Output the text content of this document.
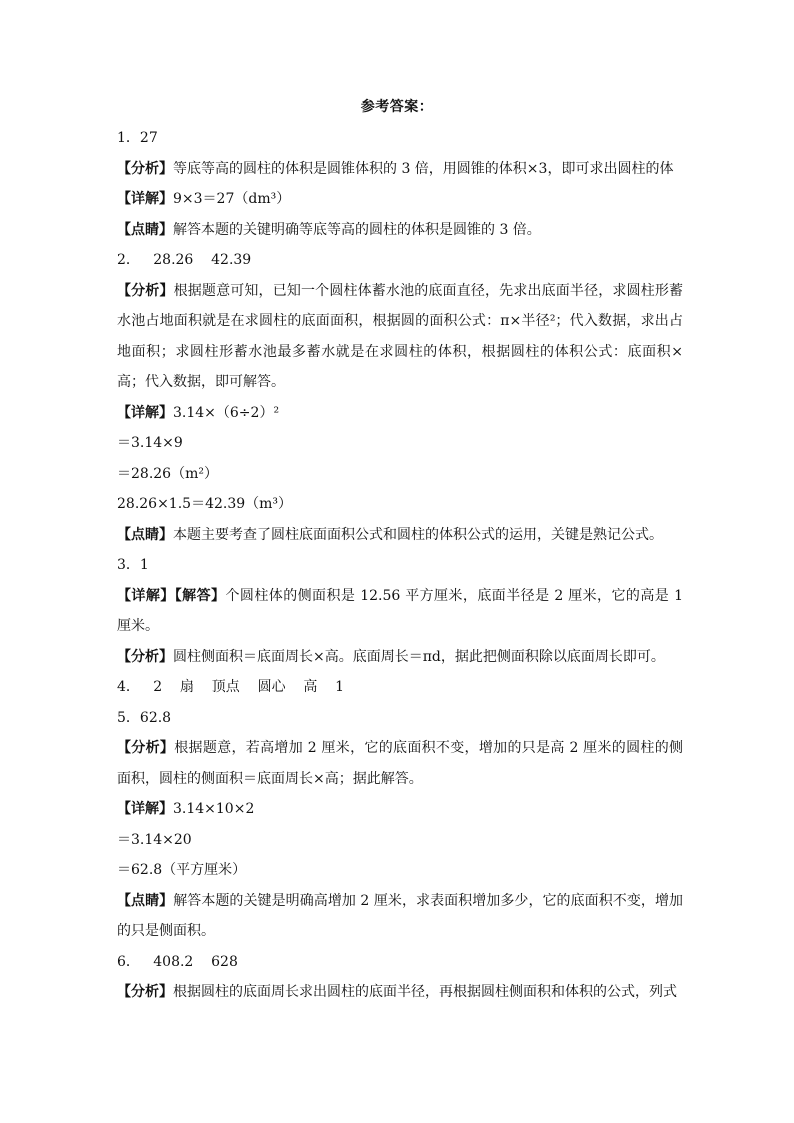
参考答案：
1．27
【分析】等底等高的圆柱的体积是圆锥体积的 3 倍，用圆锥的体积×3，即可求出圆柱的体
【详解】9×3＝27（dm³）
【点睛】解答本题的关键明确等底等高的圆柱的体积是圆锥的 3 倍。
2．   28.26    42.39
【分析】根据题意可知，已知一个圆柱体蓄水池的底面直径，先求出底面半径，求圆柱形蓄水池占地面积就是在求圆柱的底面面积，根据圆的面积公式：π×半径²；代入数据，求出占地面积；求圆柱形蓄水池最多蓄水就是在求圆柱的体积，根据圆柱的体积公式：底面积×高；代入数据，即可解答。
【详解】3.14×（6÷2）²
＝3.14×9
＝28.26（m²）
28.26×1.5＝42.39（m³）
【点睛】本题主要考查了圆柱底面面积公式和圆柱的体积公式的运用，关键是熟记公式。
3．1
【详解】【解答】个圆柱体的侧面积是 12.56 平方厘米，底面半径是 2 厘米，它的高是 1 厘米。
【分析】圆柱侧面积＝底面周长×高。底面周长＝πd，据此把侧面积除以底面周长即可。
4．   2    扇    顶点    圆心    高    1
5．62.8
【分析】根据题意，若高增加 2 厘米，它的底面积不变，增加的只是高 2 厘米的圆柱的侧面积，圆柱的侧面积＝底面周长×高；据此解答。
【详解】3.14×10×2
＝3.14×20
＝62.8（平方厘米）
【点睛】解答本题的关键是明确高增加 2 厘米，求表面积增加多少，它的底面积不变，增加的只是侧面积。
6．   408.2    628
【分析】根据圆柱的底面周长求出圆柱的底面半径，再根据圆柱侧面积和体积的公式，列式
